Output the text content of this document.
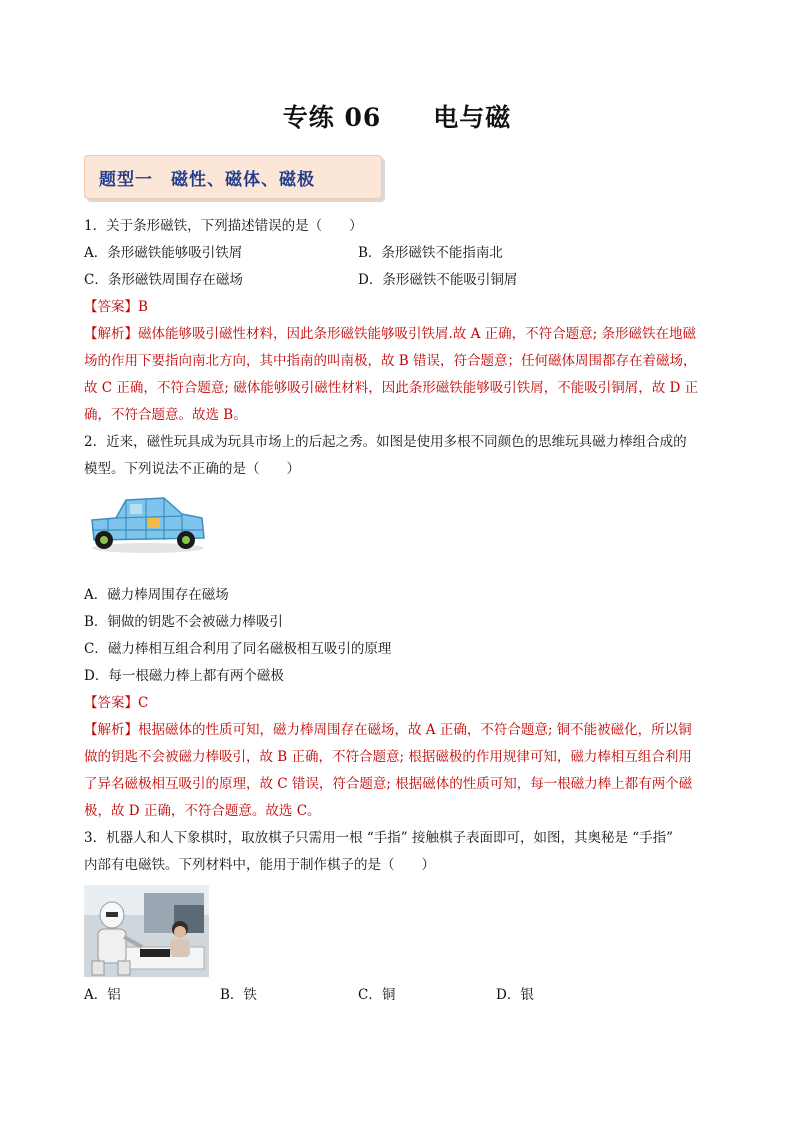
专练 06　　电与磁
题型一　磁性、磁体、磁极
1．关于条形磁铁，下列描述错误的是（　　）
A．条形磁铁能够吸引铁屑	B．条形磁铁不能指南北
C．条形磁铁周围存在磁场	D．条形磁铁不能吸引铜屑
【答案】B
【解析】磁体能够吸引磁性材料，因此条形磁铁能够吸引铁屑.故 A 正确，不符合题意; 条形磁铁在地磁
场的作用下要指向南北方向，其中指南的叫南极，故 B 错误，符合题意；任何磁体周围都存在着磁场，
故 C 正确，不符合题意; 磁体能够吸引磁性材料，因此条形磁铁能够吸引铁屑，不能吸引铜屑，故 D 正
确，不符合题意。故选 B。
2．近来，磁性玩具成为玩具市场上的后起之秀。如图是使用多根不同颜色的思维玩具磁力棒组合成的
模型。下列说法不正确的是（　　）
A．磁力棒周围存在磁场
B．铜做的钥匙不会被磁力棒吸引
C．磁力棒相互组合利用了同名磁极相互吸引的原理
D．每一根磁力棒上都有两个磁极
【答案】C
【解析】根据磁体的性质可知，磁力棒周围存在磁场，故 A 正确，不符合题意; 铜不能被磁化，所以铜
做的钥匙不会被磁力棒吸引，故 B 正确，不符合题意; 根据磁极的作用规律可知，磁力棒相互组合利用
了异名磁极相互吸引的原理，故 C 错误，符合题意; 根据磁体的性质可知，每一根磁力棒上都有两个磁
极，故 D 正确，不符合题意。故选 C。
3．机器人和人下象棋时，取放棋子只需用一根 “手指” 接触棋子表面即可，如图，其奥秘是 “手指”
内部有电磁铁。下列材料中，能用于制作棋子的是（　　）
A．铝	B．铁	C．铜	D．银
